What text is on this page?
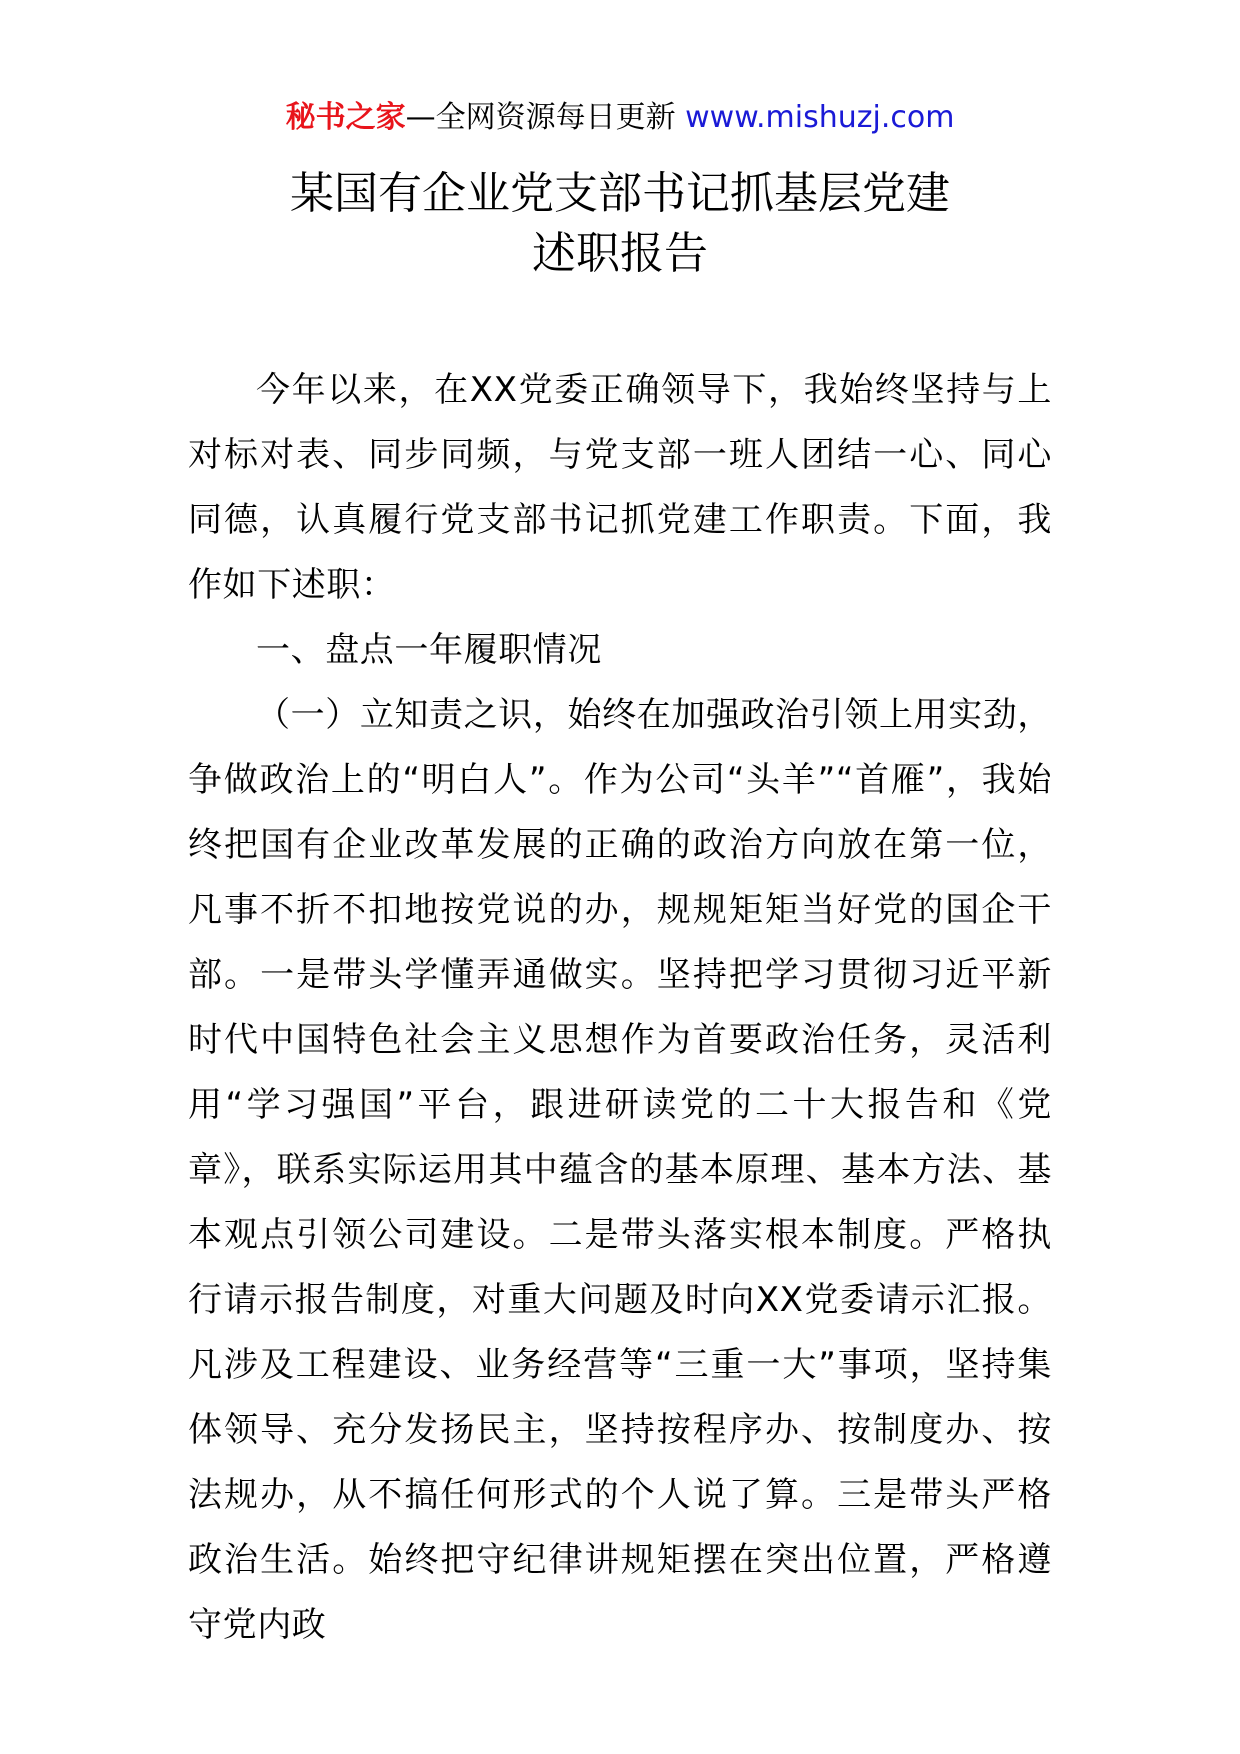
秘书之家—全网资源每日更新 www.mishuzj.com
某国有企业党支部书记抓基层党建
述职报告

今年以来，在XX党委正确领导下，我始终坚持与上对标对表、同步同频，与党支部一班人团结一心、同心同德，认真履行党支部书记抓党建工作职责。下面，我作如下述职：

一、盘点一年履职情况

（一）立知责之识，始终在加强政治引领上用实劲，争做政治上的“明白人”。作为公司“头羊”“首雁”，我始终把国有企业改革发展的正确的政治方向放在第一位，凡事不折不扣地按党说的办，规规矩矩当好党的国企干部。一是带头学懂弄通做实。坚持把学习贯彻习近平新时代中国特色社会主义思想作为首要政治任务，灵活利用“学习强国”平台，跟进研读党的二十大报告和《党章》，联系实际运用其中蕴含的基本原理、基本方法、基本观点引领公司建设。二是带头落实根本制度。严格执行请示报告制度，对重大问题及时向XX党委请示汇报。凡涉及工程建设、业务经营等“三重一大”事项，坚持集体领导、充分发扬民主，坚持按程序办、按制度办、按法规办，从不搞任何形式的个人说了算。三是带头严格政治生活。始终把守纪律讲规矩摆在突出位置，严格遵守党内政
